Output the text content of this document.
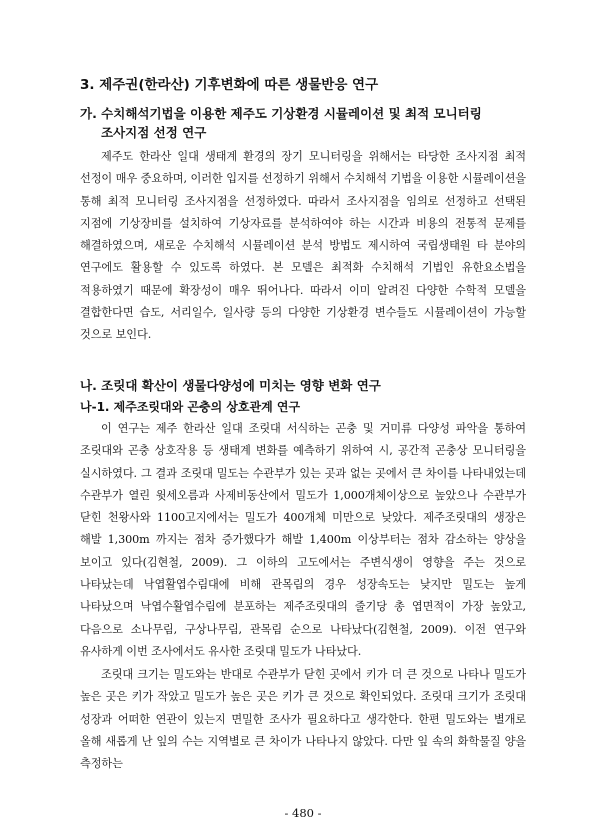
3. 제주권(한라산) 기후변화에 따른 생물반응 연구
가. 수치해석기법을 이용한 제주도 기상환경 시뮬레이션 및 최적 모니터링
조사지점 선정 연구

제주도 한라산 일대 생태계 환경의 장기 모니터링을 위해서는 타당한 조사지점 최적 선정이 매우 중요하며, 이러한 입지를 선정하기 위해서 수치해석 기법을 이용한 시뮬레이션을 통해 최적 모니터링 조사지점을 선정하였다. 따라서 조사지점을 임의로 선정하고 선택된 지점에 기상장비를 설치하여 기상자료를 분석하여야 하는 시간과 비용의 전통적 문제를 해결하였으며, 새로운 수치해석 시뮬레이션 분석 방법도 제시하여 국립생태원 타 분야의 연구에도 활용할 수 있도록 하였다. 본 모델은 최적화 수치해석 기법인 유한요소법을 적용하였기 때문에 확장성이 매우 뛰어나다. 따라서 이미 알려진 다양한 수학적 모델을 결합한다면 습도, 서리일수, 일사량 등의 다양한 기상환경 변수들도 시뮬레이션이 가능할 것으로 보인다.

나. 조릿대 확산이 생물다양성에 미치는 영향 변화 연구
나-1. 제주조릿대와 곤충의 상호관계 연구

이 연구는 제주 한라산 일대 조릿대 서식하는 곤충 및 거미류 다양성 파악을 통하여 조릿대와 곤충 상호작용 등 생태계 변화를 예측하기 위하여 시, 공간적 곤충상 모니터링을 실시하였다. 그 결과 조릿대 밀도는 수관부가 있는 곳과 없는 곳에서 큰 차이를 나타내었는데 수관부가 열린 윗세오름과 사제비동산에서 밀도가 1,000개체이상으로 높았으나 수관부가 닫힌 천왕사와 1100고지에서는 밀도가 400개체 미만으로 낮았다. 제주조릿대의 생장은 해발 1,300m 까지는 점차 증가했다가 해발 1,400m 이상부터는 점차 감소하는 양상을 보이고 있다(김현철, 2009). 그 이하의 고도에서는 주변식생이 영향을 주는 것으로 나타났는데 낙엽활엽수림대에 비해 관목림의 경우 성장속도는 낮지만 밀도는 높게 나타났으며 낙엽수활엽수림에 분포하는 제주조릿대의 줄기당 총 엽면적이 가장 높았고, 다음으로 소나무림, 구상나무림, 관목림 순으로 나타났다(김현철, 2009). 이전 연구와 유사하게 이번 조사에서도 유사한 조릿대 밀도가 나타났다.

조릿대 크기는 밀도와는 반대로 수관부가 닫힌 곳에서 키가 더 큰 것으로 나타나 밀도가 높은 곳은 키가 작았고 밀도가 높은 곳은 키가 큰 것으로 확인되었다. 조릿대 크기가 조릿대 성장과 어떠한 연관이 있는지 면밀한 조사가 필요하다고 생각한다. 한편 밀도와는 별개로 올해 새롭게 난 잎의 수는 지역별로 큰 차이가 나타나지 않았다. 다만 잎 속의 화학물질 양을 측정하는

- 480 -
